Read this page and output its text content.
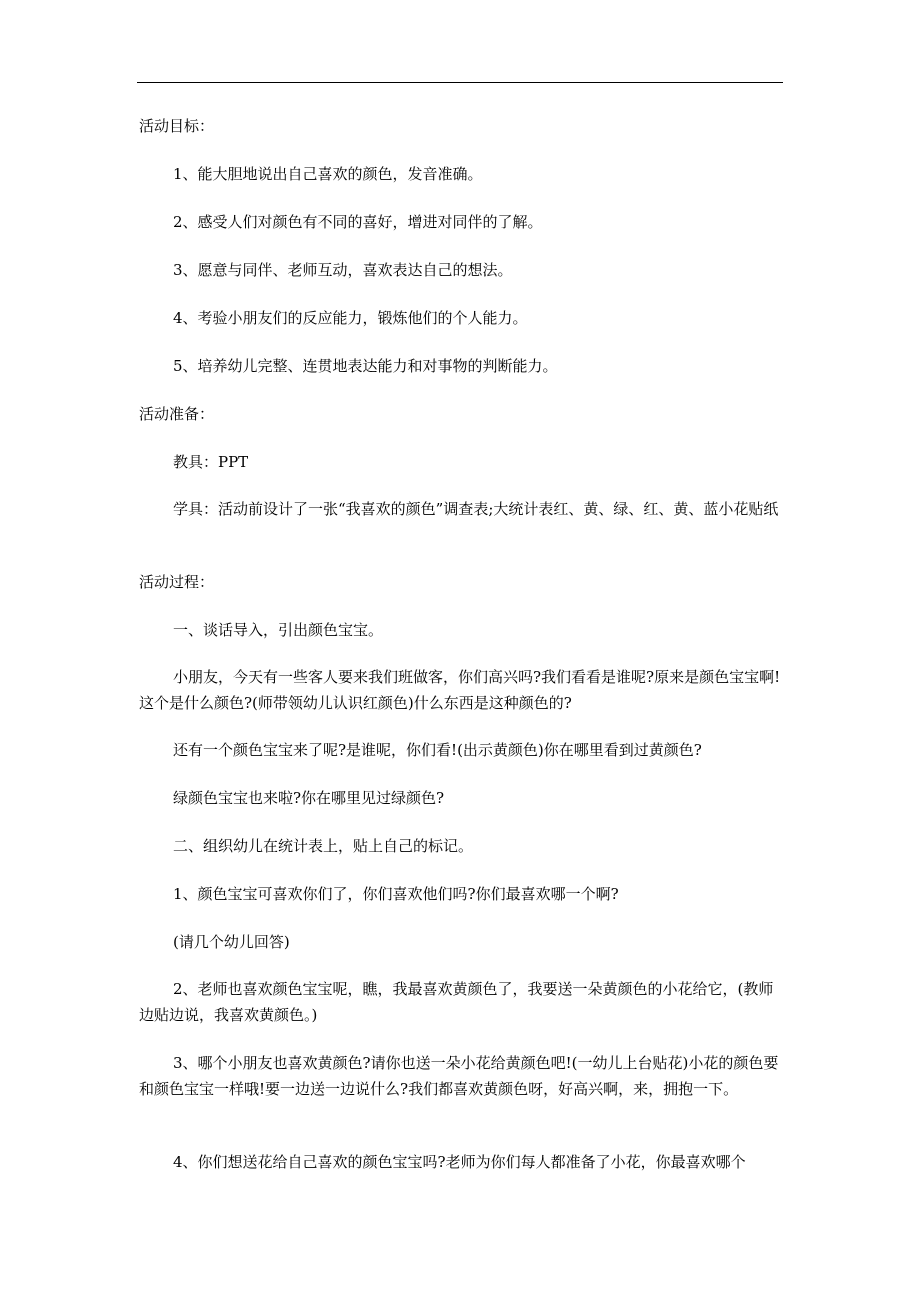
活动目标：
1、能大胆地说出自己喜欢的颜色，发音准确。
2、感受人们对颜色有不同的喜好，增进对同伴的了解。
3、愿意与同伴、老师互动，喜欢表达自己的想法。
4、考验小朋友们的反应能力，锻炼他们的个人能力。
5、培养幼儿完整、连贯地表达能力和对事物的判断能力。
活动准备：
教具：PPT
学具：活动前设计了一张“我喜欢的颜色”调查表;大统计表红、黄、绿、红、黄、蓝小花贴纸
活动过程：
一、谈话导入，引出颜色宝宝。
小朋友，今天有一些客人要来我们班做客，你们高兴吗?我们看看是谁呢?原来是颜色宝宝啊!这个是什么颜色?(师带领幼儿认识红颜色)什么东西是这种颜色的?
还有一个颜色宝宝来了呢?是谁呢，你们看!(出示黄颜色)你在哪里看到过黄颜色?
绿颜色宝宝也来啦?你在哪里见过绿颜色?
二、组织幼儿在统计表上，贴上自己的标记。
1、颜色宝宝可喜欢你们了，你们喜欢他们吗?你们最喜欢哪一个啊?
(请几个幼儿回答)
2、老师也喜欢颜色宝宝呢，瞧，我最喜欢黄颜色了，我要送一朵黄颜色的小花给它，(教师边贴边说，我喜欢黄颜色。)
3、哪个小朋友也喜欢黄颜色?请你也送一朵小花给黄颜色吧!(一幼儿上台贴花)小花的颜色要和颜色宝宝一样哦!要一边送一边说什么?我们都喜欢黄颜色呀，好高兴啊，来，拥抱一下。
4、你们想送花给自己喜欢的颜色宝宝吗?老师为你们每人都准备了小花，你最喜欢哪个
